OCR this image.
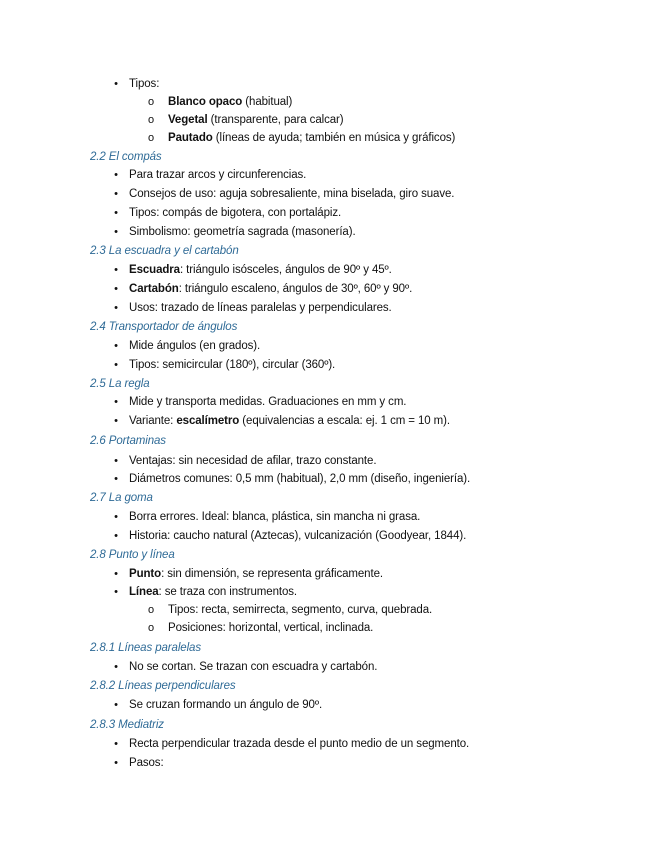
• Tipos:
o Blanco opaco (habitual)
o Vegetal (transparente, para calcar)
o Pautado (líneas de ayuda; también en música y gráficos)
2.2 El compás
• Para trazar arcos y circunferencias.
• Consejos de uso: aguja sobresaliente, mina biselada, giro suave.
• Tipos: compás de bigotera, con portalápiz.
• Simbolismo: geometría sagrada (masonería).
2.3 La escuadra y el cartabón
• Escuadra: triángulo isósceles, ángulos de 90º y 45º.
• Cartabón: triángulo escaleno, ángulos de 30º, 60º y 90º.
• Usos: trazado de líneas paralelas y perpendiculares.
2.4 Transportador de ángulos
• Mide ángulos (en grados).
• Tipos: semicircular (180º), circular (360º).
2.5 La regla
• Mide y transporta medidas. Graduaciones en mm y cm.
• Variante: escalímetro (equivalencias a escala: ej. 1 cm = 10 m).
2.6 Portaminas
• Ventajas: sin necesidad de afilar, trazo constante.
• Diámetros comunes: 0,5 mm (habitual), 2,0 mm (diseño, ingeniería).
2.7 La goma
• Borra errores. Ideal: blanca, plástica, sin mancha ni grasa.
• Historia: caucho natural (Aztecas), vulcanización (Goodyear, 1844).
2.8 Punto y línea
• Punto: sin dimensión, se representa gráficamente.
• Línea: se traza con instrumentos.
o Tipos: recta, semirrecta, segmento, curva, quebrada.
o Posiciones: horizontal, vertical, inclinada.
2.8.1 Líneas paralelas
• No se cortan. Se trazan con escuadra y cartabón.
2.8.2 Líneas perpendiculares
• Se cruzan formando un ángulo de 90º.
2.8.3 Mediatriz
• Recta perpendicular trazada desde el punto medio de un segmento.
• Pasos:
